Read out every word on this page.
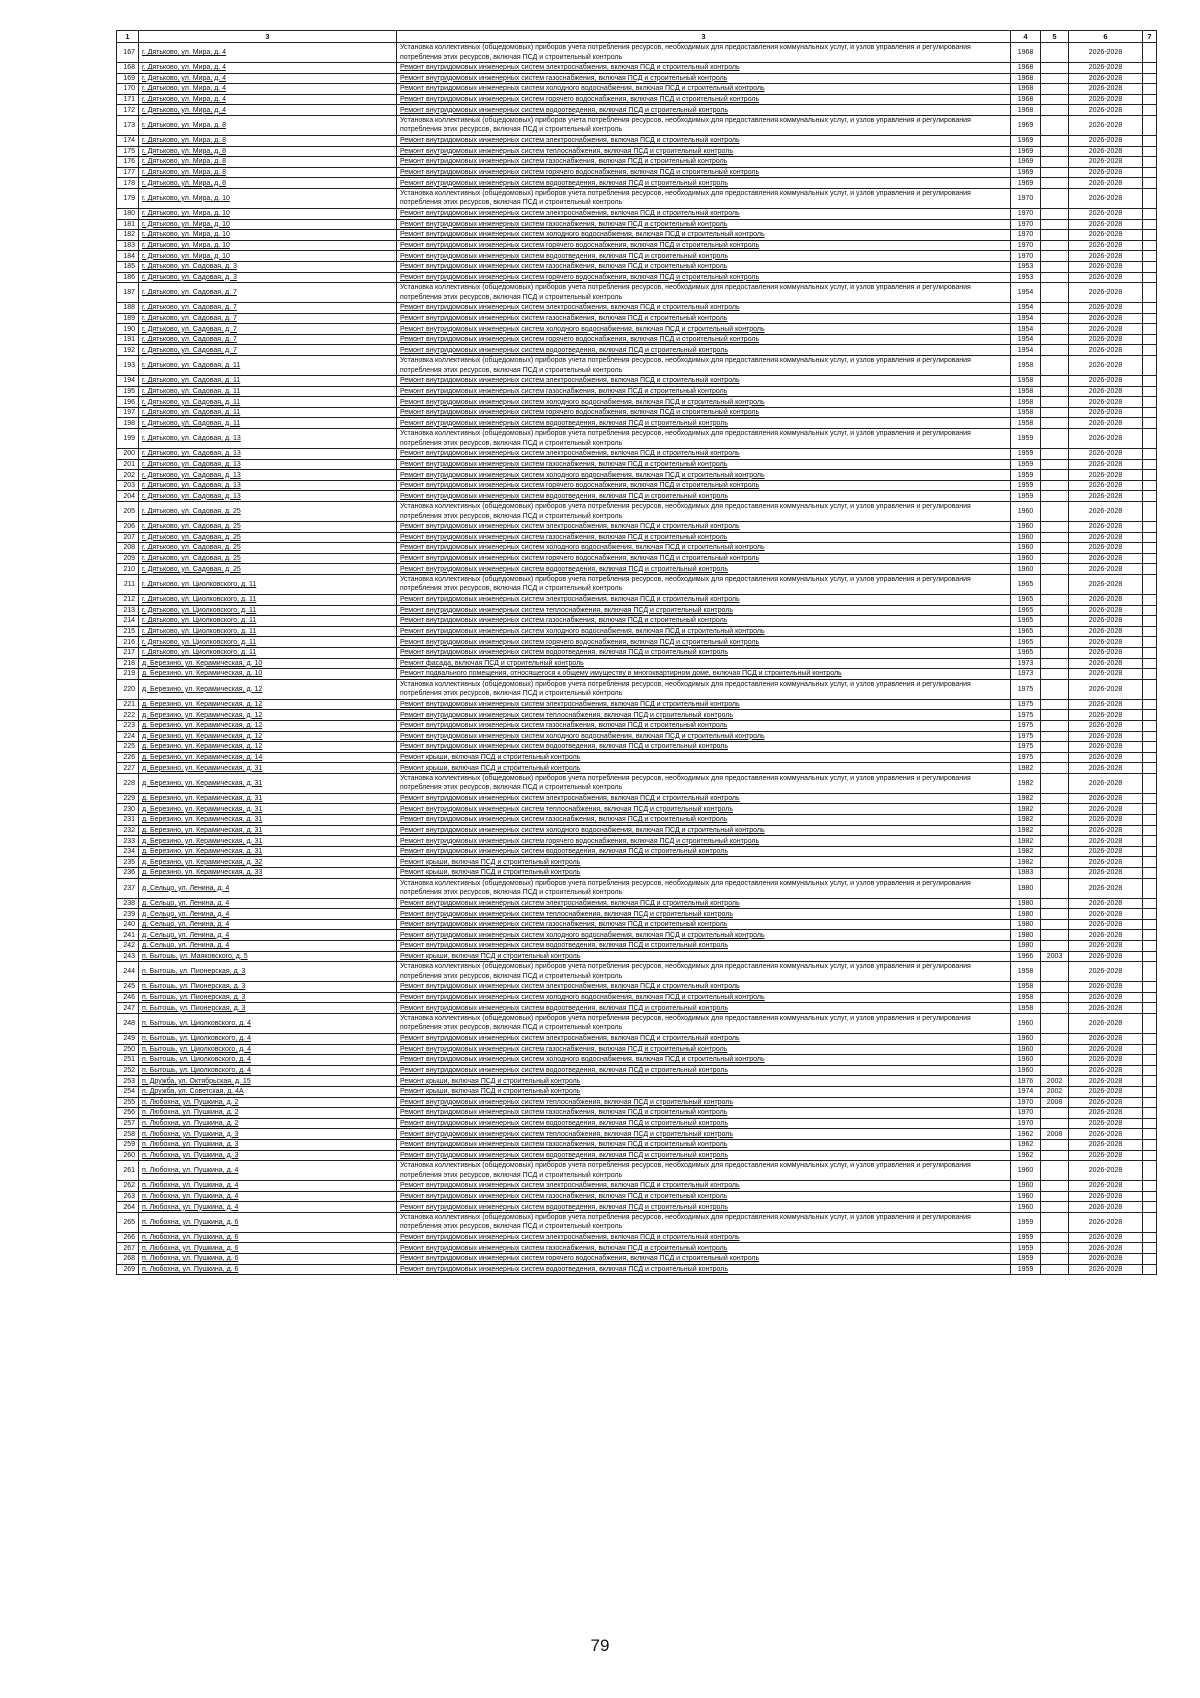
1	3	3	4	5	6	7
167	г. Дятьково, ул. Мира, д. 4	Установка коллективных (общедомовых) приборов учета потребления ресурсов, необходимых для предоставления коммунальных услуг, и узлов управления и регулирования потребления этих ресурсов, включая ПСД и строительный контроль	1968		2026-2028	
168	г. Дятьково, ул. Мира, д. 4	Ремонт внутридомовых инженерных систем электроснабжения, включая ПСД и строительный контроль	1968		2026-2028	
169	г. Дятьково, ул. Мира, д. 4	Ремонт внутридомовых инженерных систем газоснабжения, включая ПСД и строительный контроль	1968		2026-2028	
170	г. Дятьково, ул. Мира, д. 4	Ремонт внутридомовых инженерных систем холодного водоснабжения, включая ПСД и строительный контроль	1968		2026-2028	
171	г. Дятьково, ул. Мира, д. 4	Ремонт внутридомовых инженерных систем горячего водоснабжения, включая ПСД и строительный контроль	1968		2026-2028	
172	г. Дятьково, ул. Мира, д. 4	Ремонт внутридомовых инженерных систем водоотведения, включая ПСД и строительный контроль	1968		2026-2028	
173	г. Дятьково, ул. Мира, д. 8	Установка коллективных (общедомовых) приборов учета потребления ресурсов, необходимых для предоставления коммунальных услуг, и узлов управления и регулирования потребления этих ресурсов, включая ПСД и строительный контроль	1969		2026-2028	
174	г. Дятьково, ул. Мира, д. 8	Ремонт внутридомовых инженерных систем электроснабжения, включая ПСД и строительный контроль	1969		2026-2028	
175	г. Дятьково, ул. Мира, д. 8	Ремонт внутридомовых инженерных систем теплоснабжения, включая ПСД и строительный контроль	1969		2026-2028	
176	г. Дятьково, ул. Мира, д. 8	Ремонт внутридомовых инженерных систем газоснабжения, включая ПСД и строительный контроль	1969		2026-2028	
177	г. Дятьково, ул. Мира, д. 8	Ремонт внутридомовых инженерных систем горячего водоснабжения, включая ПСД и строительный контроль	1969		2026-2028	
178	г. Дятьково, ул. Мира, д. 8	Ремонт внутридомовых инженерных систем водоотведения, включая ПСД и строительный контроль	1969		2026-2028	
179	г. Дятьково, ул. Мира, д. 10	Установка коллективных (общедомовых) приборов учета потребления ресурсов, необходимых для предоставления коммунальных услуг, и узлов управления и регулирования потребления этих ресурсов, включая ПСД и строительный контроль	1970		2026-2028	
180	г. Дятьково, ул. Мира, д. 10	Ремонт внутридомовых инженерных систем электроснабжения, включая ПСД и строительный контроль	1970		2026-2028	
181	г. Дятьково, ул. Мира, д. 10	Ремонт внутридомовых инженерных систем газоснабжения, включая ПСД и строительный контроль	1970		2026-2028	
182	г. Дятьково, ул. Мира, д. 10	Ремонт внутридомовых инженерных систем холодного водоснабжения, включая ПСД и строительный контроль	1970		2026-2028	
183	г. Дятьково, ул. Мира, д. 10	Ремонт внутридомовых инженерных систем горячего водоснабжения, включая ПСД и строительный контроль	1970		2026-2028	
184	г. Дятьково, ул. Мира, д. 10	Ремонт внутридомовых инженерных систем водоотведения, включая ПСД и строительный контроль	1970		2026-2028	
185	г. Дятьково, ул. Садовая, д. 3	Ремонт внутридомовых инженерных систем газоснабжения, включая ПСД и строительный контроль	1953		2026-2028	
186	г. Дятьково, ул. Садовая, д. 3	Ремонт внутридомовых инженерных систем горячего водоснабжения, включая ПСД и строительный контроль	1953		2026-2028	
187	г. Дятьково, ул. Садовая, д. 7	Установка коллективных (общедомовых) приборов учета потребления ресурсов, необходимых для предоставления коммунальных услуг, и узлов управления и регулирования потребления этих ресурсов, включая ПСД и строительный контроль	1954		2026-2028	
188	г. Дятьково, ул. Садовая, д. 7	Ремонт внутридомовых инженерных систем электроснабжения, включая ПСД и строительный контроль	1954		2026-2028	
189	г. Дятьково, ул. Садовая, д. 7	Ремонт внутридомовых инженерных систем газоснабжения, включая ПСД и строительный контроль	1954		2026-2028	
190	г. Дятьково, ул. Садовая, д. 7	Ремонт внутридомовых инженерных систем холодного водоснабжения, включая ПСД и строительный контроль	1954		2026-2028	
191	г. Дятьково, ул. Садовая, д. 7	Ремонт внутридомовых инженерных систем горячего водоснабжения, включая ПСД и строительный контроль	1954		2026-2028	
192	г. Дятьково, ул. Садовая, д. 7	Ремонт внутридомовых инженерных систем водоотведения, включая ПСД и строительный контроль	1954		2026-2028	
193	г. Дятьково, ул. Садовая, д. 11	Установка коллективных (общедомовых) приборов учета потребления ресурсов, необходимых для предоставления коммунальных услуг, и узлов управления и регулирования потребления этих ресурсов, включая ПСД и строительный контроль	1958		2026-2028	
194	г. Дятьково, ул. Садовая, д. 11	Ремонт внутридомовых инженерных систем электроснабжения, включая ПСД и строительный контроль	1958		2026-2028	
195	г. Дятьково, ул. Садовая, д. 11	Ремонт внутридомовых инженерных систем газоснабжения, включая ПСД и строительный контроль	1958		2026-2028	
196	г. Дятьково, ул. Садовая, д. 11	Ремонт внутридомовых инженерных систем холодного водоснабжения, включая ПСД и строительный контроль	1958		2026-2028	
197	г. Дятьково, ул. Садовая, д. 11	Ремонт внутридомовых инженерных систем горячего водоснабжения, включая ПСД и строительный контроль	1958		2026-2028	
198	г. Дятьково, ул. Садовая, д. 11	Ремонт внутридомовых инженерных систем водоотведения, включая ПСД и строительный контроль	1958		2026-2028	
199	г. Дятьково, ул. Садовая, д. 13	Установка коллективных (общедомовых) приборов учета потребления ресурсов, необходимых для предоставления коммунальных услуг, и узлов управления и регулирования потребления этих ресурсов, включая ПСД и строительный контроль	1959		2026-2028	
200	г. Дятьково, ул. Садовая, д. 13	Ремонт внутридомовых инженерных систем электроснабжения, включая ПСД и строительный контроль	1959		2026-2028	
201	г. Дятьково, ул. Садовая, д. 13	Ремонт внутридомовых инженерных систем газоснабжения, включая ПСД и строительный контроль	1959		2026-2028	
202	г. Дятьково, ул. Садовая, д. 13	Ремонт внутридомовых инженерных систем холодного водоснабжения, включая ПСД и строительный контроль	1959		2026-2028	
203	г. Дятьково, ул. Садовая, д. 13	Ремонт внутридомовых инженерных систем горячего водоснабжения, включая ПСД и строительный контроль	1959		2026-2028	
204	г. Дятьково, ул. Садовая, д. 13	Ремонт внутридомовых инженерных систем водоотведения, включая ПСД и строительный контроль	1959		2026-2028	
205	г. Дятьково, ул. Садовая, д. 25	Установка коллективных (общедомовых) приборов учета потребления ресурсов, необходимых для предоставления коммунальных услуг, и узлов управления и регулирования потребления этих ресурсов, включая ПСД и строительный контроль	1960		2026-2028	
206	г. Дятьково, ул. Садовая, д. 25	Ремонт внутридомовых инженерных систем электроснабжения, включая ПСД и строительный контроль	1960		2026-2028	
207	г. Дятьково, ул. Садовая, д. 25	Ремонт внутридомовых инженерных систем газоснабжения, включая ПСД и строительный контроль	1960		2026-2028	
208	г. Дятьково, ул. Садовая, д. 25	Ремонт внутридомовых инженерных систем холодного водоснабжения, включая ПСД и строительный контроль	1960		2026-2028	
209	г. Дятьково, ул. Садовая, д. 25	Ремонт внутридомовых инженерных систем горячего водоснабжения, включая ПСД и строительный контроль	1960		2026-2028	
210	г. Дятьково, ул. Садовая, д. 25	Ремонт внутридомовых инженерных систем водоотведения, включая ПСД и строительный контроль	1960		2026-2028	
211	г. Дятьково, ул. Циолковского, д. 11	Установка коллективных (общедомовых) приборов учета потребления ресурсов, необходимых для предоставления коммунальных услуг, и узлов управления и регулирования потребления этих ресурсов, включая ПСД и строительный контроль	1965		2026-2028	
212	г. Дятьково, ул. Циолковского, д. 11	Ремонт внутридомовых инженерных систем электроснабжения, включая ПСД и строительный контроль	1965		2026-2028	
213	г. Дятьково, ул. Циолковского, д. 11	Ремонт внутридомовых инженерных систем теплоснабжения, включая ПСД и строительный контроль	1965		2026-2028	
214	г. Дятьково, ул. Циолковского, д. 11	Ремонт внутридомовых инженерных систем газоснабжения, включая ПСД и строительный контроль	1965		2026-2028	
215	г. Дятьково, ул. Циолковского, д. 11	Ремонт внутридомовых инженерных систем холодного водоснабжения, включая ПСД и строительный контроль	1965		2026-2028	
216	г. Дятьково, ул. Циолковского, д. 11	Ремонт внутридомовых инженерных систем горячего водоснабжения, включая ПСД и строительный контроль	1965		2026-2028	
217	г. Дятьково, ул. Циолковского, д. 11	Ремонт внутридомовых инженерных систем водоотведения, включая ПСД и строительный контроль	1965		2026-2028	
218	д. Березино, ул. Керамическая, д. 10	Ремонт фасада, включая ПСД и строительный контроль	1973		2026-2028	
219	д. Березино, ул. Керамическая, д. 10	Ремонт подвального помещения, относящегося к общему имуществу в многоквартирном доме, включая ПСД и строительный контроль	1973		2026-2028	
220	д. Березино, ул. Керамическая, д. 12	Установка коллективных (общедомовых) приборов учета потребления ресурсов, необходимых для предоставления коммунальных услуг, и узлов управления и регулирования потребления этих ресурсов, включая ПСД и строительный контроль	1975		2026-2028	
221	д. Березино, ул. Керамическая, д. 12	Ремонт внутридомовых инженерных систем электроснабжения, включая ПСД и строительный контроль	1975		2026-2028	
222	д. Березино, ул. Керамическая, д. 12	Ремонт внутридомовых инженерных систем теплоснабжения, включая ПСД и строительный контроль	1975		2026-2028	
223	д. Березино, ул. Керамическая, д. 12	Ремонт внутридомовых инженерных систем газоснабжения, включая ПСД и строительный контроль	1975		2026-2028	
224	д. Березино, ул. Керамическая, д. 12	Ремонт внутридомовых инженерных систем холодного водоснабжения, включая ПСД и строительный контроль	1975		2026-2028	
225	д. Березино, ул. Керамическая, д. 12	Ремонт внутридомовых инженерных систем водоотведения, включая ПСД и строительный контроль	1975		2026-2028	
226	д. Березино, ул. Керамическая, д. 14	Ремонт крыши, включая ПСД и строительный контроль	1975		2026-2028	
227	д. Березино, ул. Керамическая, д. 31	Ремонт крыши, включая ПСД и строительный контроль	1982		2026-2028	
228	д. Березино, ул. Керамическая, д. 31	Установка коллективных (общедомовых) приборов учета потребления ресурсов, необходимых для предоставления коммунальных услуг, и узлов управления и регулирования потребления этих ресурсов, включая ПСД и строительный контроль	1982		2026-2028	
229	д. Березино, ул. Керамическая, д. 31	Ремонт внутридомовых инженерных систем электроснабжения, включая ПСД и строительный контроль	1982		2026-2028	
230	д. Березино, ул. Керамическая, д. 31	Ремонт внутридомовых инженерных систем теплоснабжения, включая ПСД и строительный контроль	1982		2026-2028	
231	д. Березино, ул. Керамическая, д. 31	Ремонт внутридомовых инженерных систем газоснабжения, включая ПСД и строительный контроль	1982		2026-2028	
232	д. Березино, ул. Керамическая, д. 31	Ремонт внутридомовых инженерных систем холодного водоснабжения, включая ПСД и строительный контроль	1982		2026-2028	
233	д. Березино, ул. Керамическая, д. 31	Ремонт внутридомовых инженерных систем горячего водоснабжения, включая ПСД и строительный контроль	1982		2026-2028	
234	д. Березино, ул. Керамическая, д. 31	Ремонт внутридомовых инженерных систем водоотведения, включая ПСД и строительный контроль	1982		2026-2028	
235	д. Березино, ул. Керамическая, д. 32	Ремонт крыши, включая ПСД и строительный контроль	1982		2026-2028	
236	д. Березино, ул. Керамическая, д. 33	Ремонт крыши, включая ПСД и строительный контроль	1983		2026-2028	
237	д. Сельцо, ул. Ленина, д. 4	Установка коллективных (общедомовых) приборов учета потребления ресурсов, необходимых для предоставления коммунальных услуг, и узлов управления и регулирования потребления этих ресурсов, включая ПСД и строительный контроль	1980		2026-2028	
238	д. Сельцо, ул. Ленина, д. 4	Ремонт внутридомовых инженерных систем электроснабжения, включая ПСД и строительный контроль	1980		2026-2028	
239	д. Сельцо, ул. Ленина, д. 4	Ремонт внутридомовых инженерных систем теплоснабжения, включая ПСД и строительный контроль	1980		2026-2028	
240	д. Сельцо, ул. Ленина, д. 4	Ремонт внутридомовых инженерных систем газоснабжения, включая ПСД и строительный контроль	1980		2026-2028	
241	д. Сельцо, ул. Ленина, д. 4	Ремонт внутридомовых инженерных систем холодного водоснабжения, включая ПСД и строительный контроль	1980		2026-2028	
242	д. Сельцо, ул. Ленина, д. 4	Ремонт внутридомовых инженерных систем водоотведения, включая ПСД и строительный контроль	1980		2026-2028	
243	п. Бытошь, ул. Маяковского, д. 5	Ремонт крыши, включая ПСД и строительный контроль	1966	2003	2026-2028	
244	п. Бытошь, ул. Пионерская, д. 3	Установка коллективных (общедомовых) приборов учета потребления ресурсов, необходимых для предоставления коммунальных услуг, и узлов управления и регулирования потребления этих ресурсов, включая ПСД и строительный контроль	1958		2026-2028	
245	п. Бытошь, ул. Пионерская, д. 3	Ремонт внутридомовых инженерных систем электроснабжения, включая ПСД и строительный контроль	1958		2026-2028	
246	п. Бытошь, ул. Пионерская, д. 3	Ремонт внутридомовых инженерных систем холодного водоснабжения, включая ПСД и строительный контроль	1958		2026-2028	
247	п. Бытошь, ул. Пионерская, д. 3	Ремонт внутридомовых инженерных систем водоотведения, включая ПСД и строительный контроль	1958		2026-2028	
248	п. Бытошь, ул. Циолковского, д. 4	Установка коллективных (общедомовых) приборов учета потребления ресурсов, необходимых для предоставления коммунальных услуг, и узлов управления и регулирования потребления этих ресурсов, включая ПСД и строительный контроль	1960		2026-2028	
249	п. Бытошь, ул. Циолковского, д. 4	Ремонт внутридомовых инженерных систем электроснабжения, включая ПСД и строительный контроль	1960		2026-2028	
250	п. Бытошь, ул. Циолковского, д. 4	Ремонт внутридомовых инженерных систем газоснабжения, включая ПСД и строительный контроль	1960		2026-2028	
251	п. Бытошь, ул. Циолковского, д. 4	Ремонт внутридомовых инженерных систем холодного водоснабжения, включая ПСД и строительный контроль	1960		2026-2028	
252	п. Бытошь, ул. Циолковского, д. 4	Ремонт внутридомовых инженерных систем водоотведения, включая ПСД и строительный контроль	1960		2026-2028	
253	п. Дружба, ул. Октябрьская, д. 15	Ремонт крыши, включая ПСД и строительный контроль	1976	2002	2026-2028	
254	п. Дружба, ул. Советская, д. 4А	Ремонт крыши, включая ПСД и строительный контроль	1974	2002	2026-2028	
255	п. Любохна, ул. Пушкина, д. 2	Ремонт внутридомовых инженерных систем теплоснабжения, включая ПСД и строительный контроль	1970	2008	2026-2028	
256	п. Любохна, ул. Пушкина, д. 2	Ремонт внутридомовых инженерных систем газоснабжения, включая ПСД и строительный контроль	1970		2026-2028	
257	п. Любохна, ул. Пушкина, д. 2	Ремонт внутридомовых инженерных систем водоотведения, включая ПСД и строительный контроль	1970		2026-2028	
258	п. Любохна, ул. Пушкина, д. 3	Ремонт внутридомовых инженерных систем теплоснабжения, включая ПСД и строительный контроль	1962	2008	2026-2028	
259	п. Любохна, ул. Пушкина, д. 3	Ремонт внутридомовых инженерных систем газоснабжения, включая ПСД и строительный контроль	1962		2026-2028	
260	п. Любохна, ул. Пушкина, д. 3	Ремонт внутридомовых инженерных систем водоотведения, включая ПСД и строительный контроль	1962		2026-2028	
261	п. Любохна, ул. Пушкина, д. 4	Установка коллективных (общедомовых) приборов учета потребления ресурсов, необходимых для предоставления коммунальных услуг, и узлов управления и регулирования потребления этих ресурсов, включая ПСД и строительный контроль	1960		2026-2028	
262	п. Любохна, ул. Пушкина, д. 4	Ремонт внутридомовых инженерных систем электроснабжения, включая ПСД и строительный контроль	1960		2026-2028	
263	п. Любохна, ул. Пушкина, д. 4	Ремонт внутридомовых инженерных систем газоснабжения, включая ПСД и строительный контроль	1960		2026-2028	
264	п. Любохна, ул. Пушкина, д. 4	Ремонт внутридомовых инженерных систем водоотведения, включая ПСД и строительный контроль	1960		2026-2028	
265	п. Любохна, ул. Пушкина, д. 6	Установка коллективных (общедомовых) приборов учета потребления ресурсов, необходимых для предоставления коммунальных услуг, и узлов управления и регулирования потребления этих ресурсов, включая ПСД и строительный контроль	1959		2026-2028	
266	п. Любохна, ул. Пушкина, д. 6	Ремонт внутридомовых инженерных систем электроснабжения, включая ПСД и строительный контроль	1959		2026-2028	
267	п. Любохна, ул. Пушкина, д. 6	Ремонт внутридомовых инженерных систем газоснабжения, включая ПСД и строительный контроль	1959		2026-2028	
268	п. Любохна, ул. Пушкина, д. 6	Ремонт внутридомовых инженерных систем горячего водоснабжения, включая ПСД и строительный контроль	1959		2026-2028	
269	п. Любохна, ул. Пушкина, д. 6	Ремонт внутридомовых инженерных систем водоотведения, включая ПСД и строительный контроль	1959		2026-2028	
79
